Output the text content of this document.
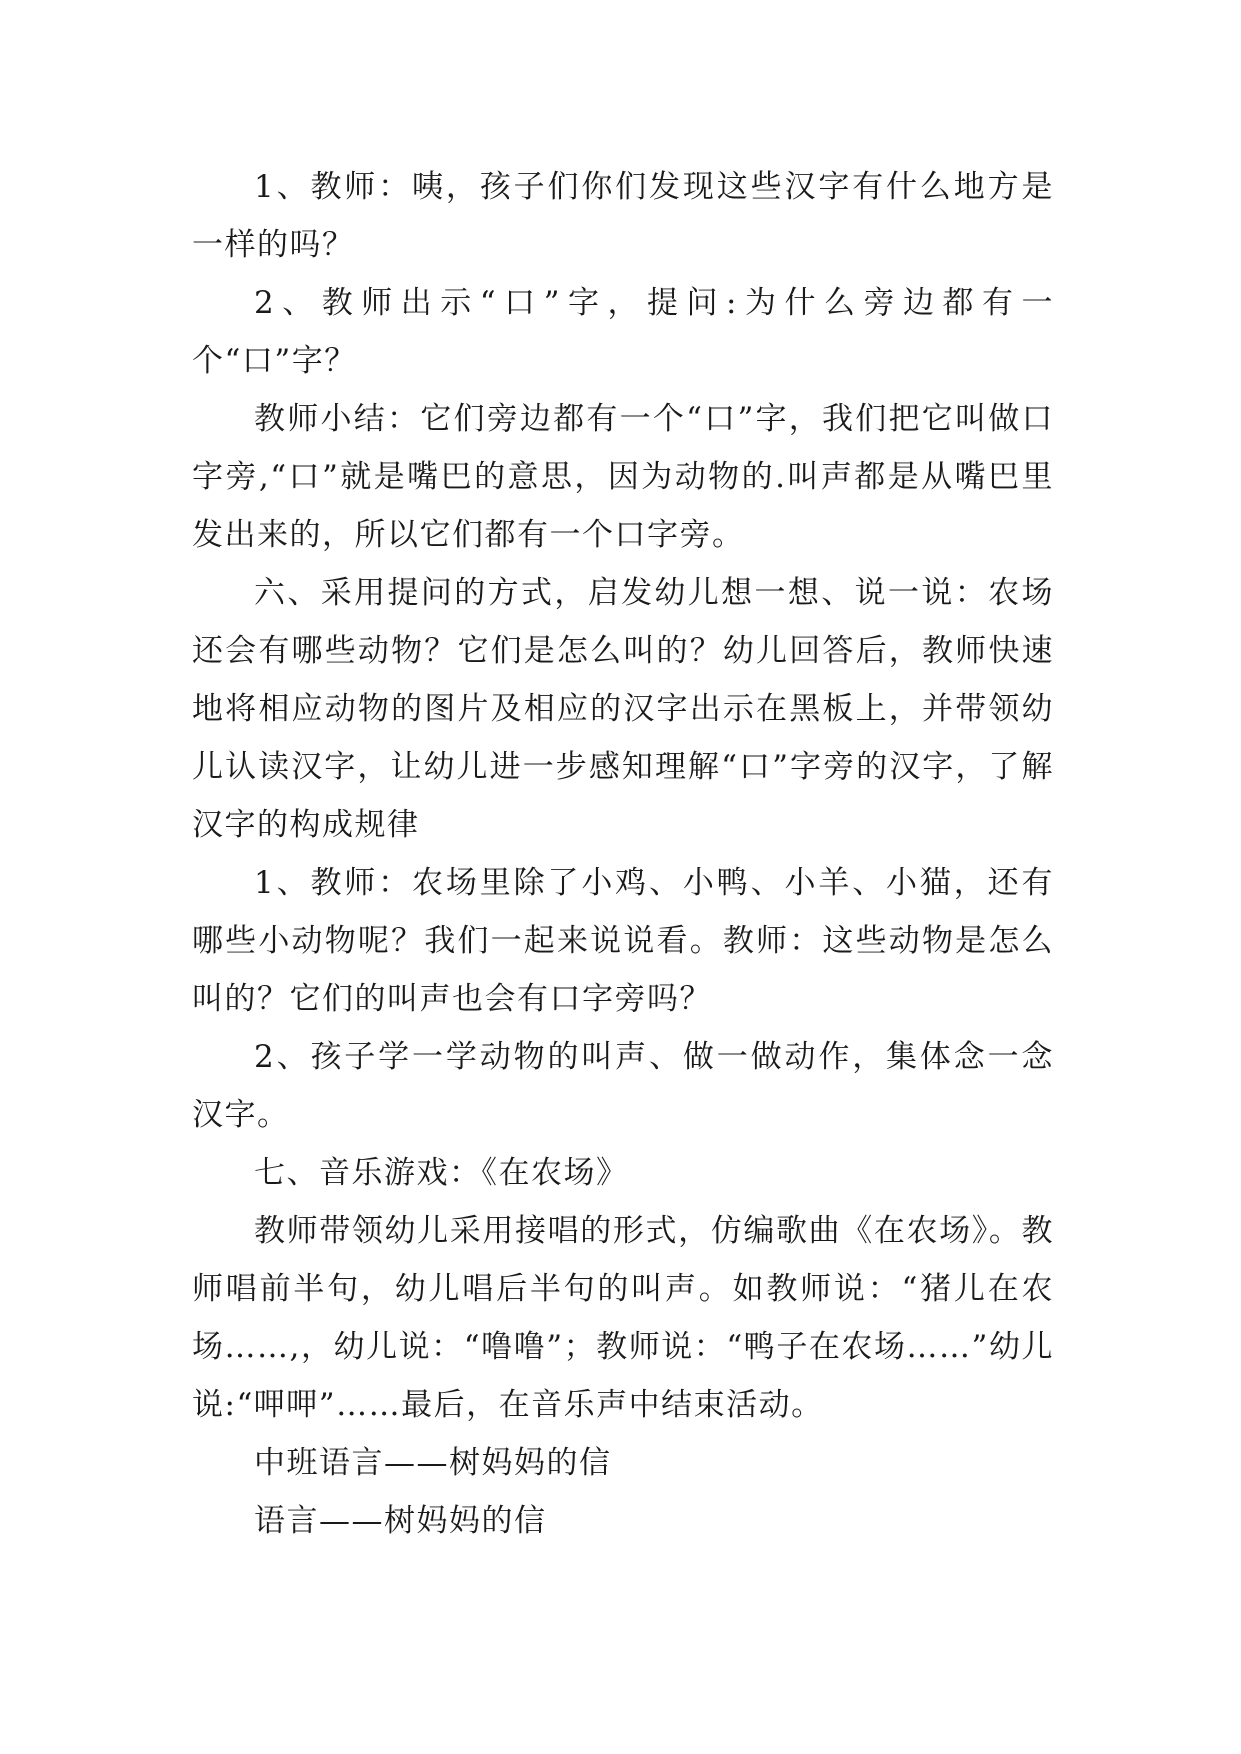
1、教师：咦，孩子们你们发现这些汉字有什么地方是一样的吗？

2、教师出示“口”字，提问:为什么旁边都有一个“口”字？

教师小结：它们旁边都有一个“口”字，我们把它叫做口字旁,“口”就是嘴巴的意思，因为动物的.叫声都是从嘴巴里发出来的，所以它们都有一个口字旁。

六、采用提问的方式，启发幼儿想一想、说一说：农场还会有哪些动物？它们是怎么叫的？幼儿回答后，教师快速地将相应动物的图片及相应的汉字出示在黑板上，并带领幼儿认读汉字，让幼儿进一步感知理解“口”字旁的汉字，了解汉字的构成规律

1、教师：农场里除了小鸡、小鸭、小羊、小猫，还有哪些小动物呢？我们一起来说说看。教师：这些动物是怎么叫的？它们的叫声也会有口字旁吗？

2、孩子学一学动物的叫声、做一做动作，集体念一念汉字。

七、音乐游戏：《在农场》

教师带领幼儿采用接唱的形式，仿编歌曲《在农场》。教师唱前半句，幼儿唱后半句的叫声。如教师说：“猪儿在农场……,，幼儿说：“噜噜”；教师说：“鸭子在农场……”幼儿说:“呷呷”……最后，在音乐声中结束活动。

中班语言——树妈妈的信

语言——树妈妈的信
